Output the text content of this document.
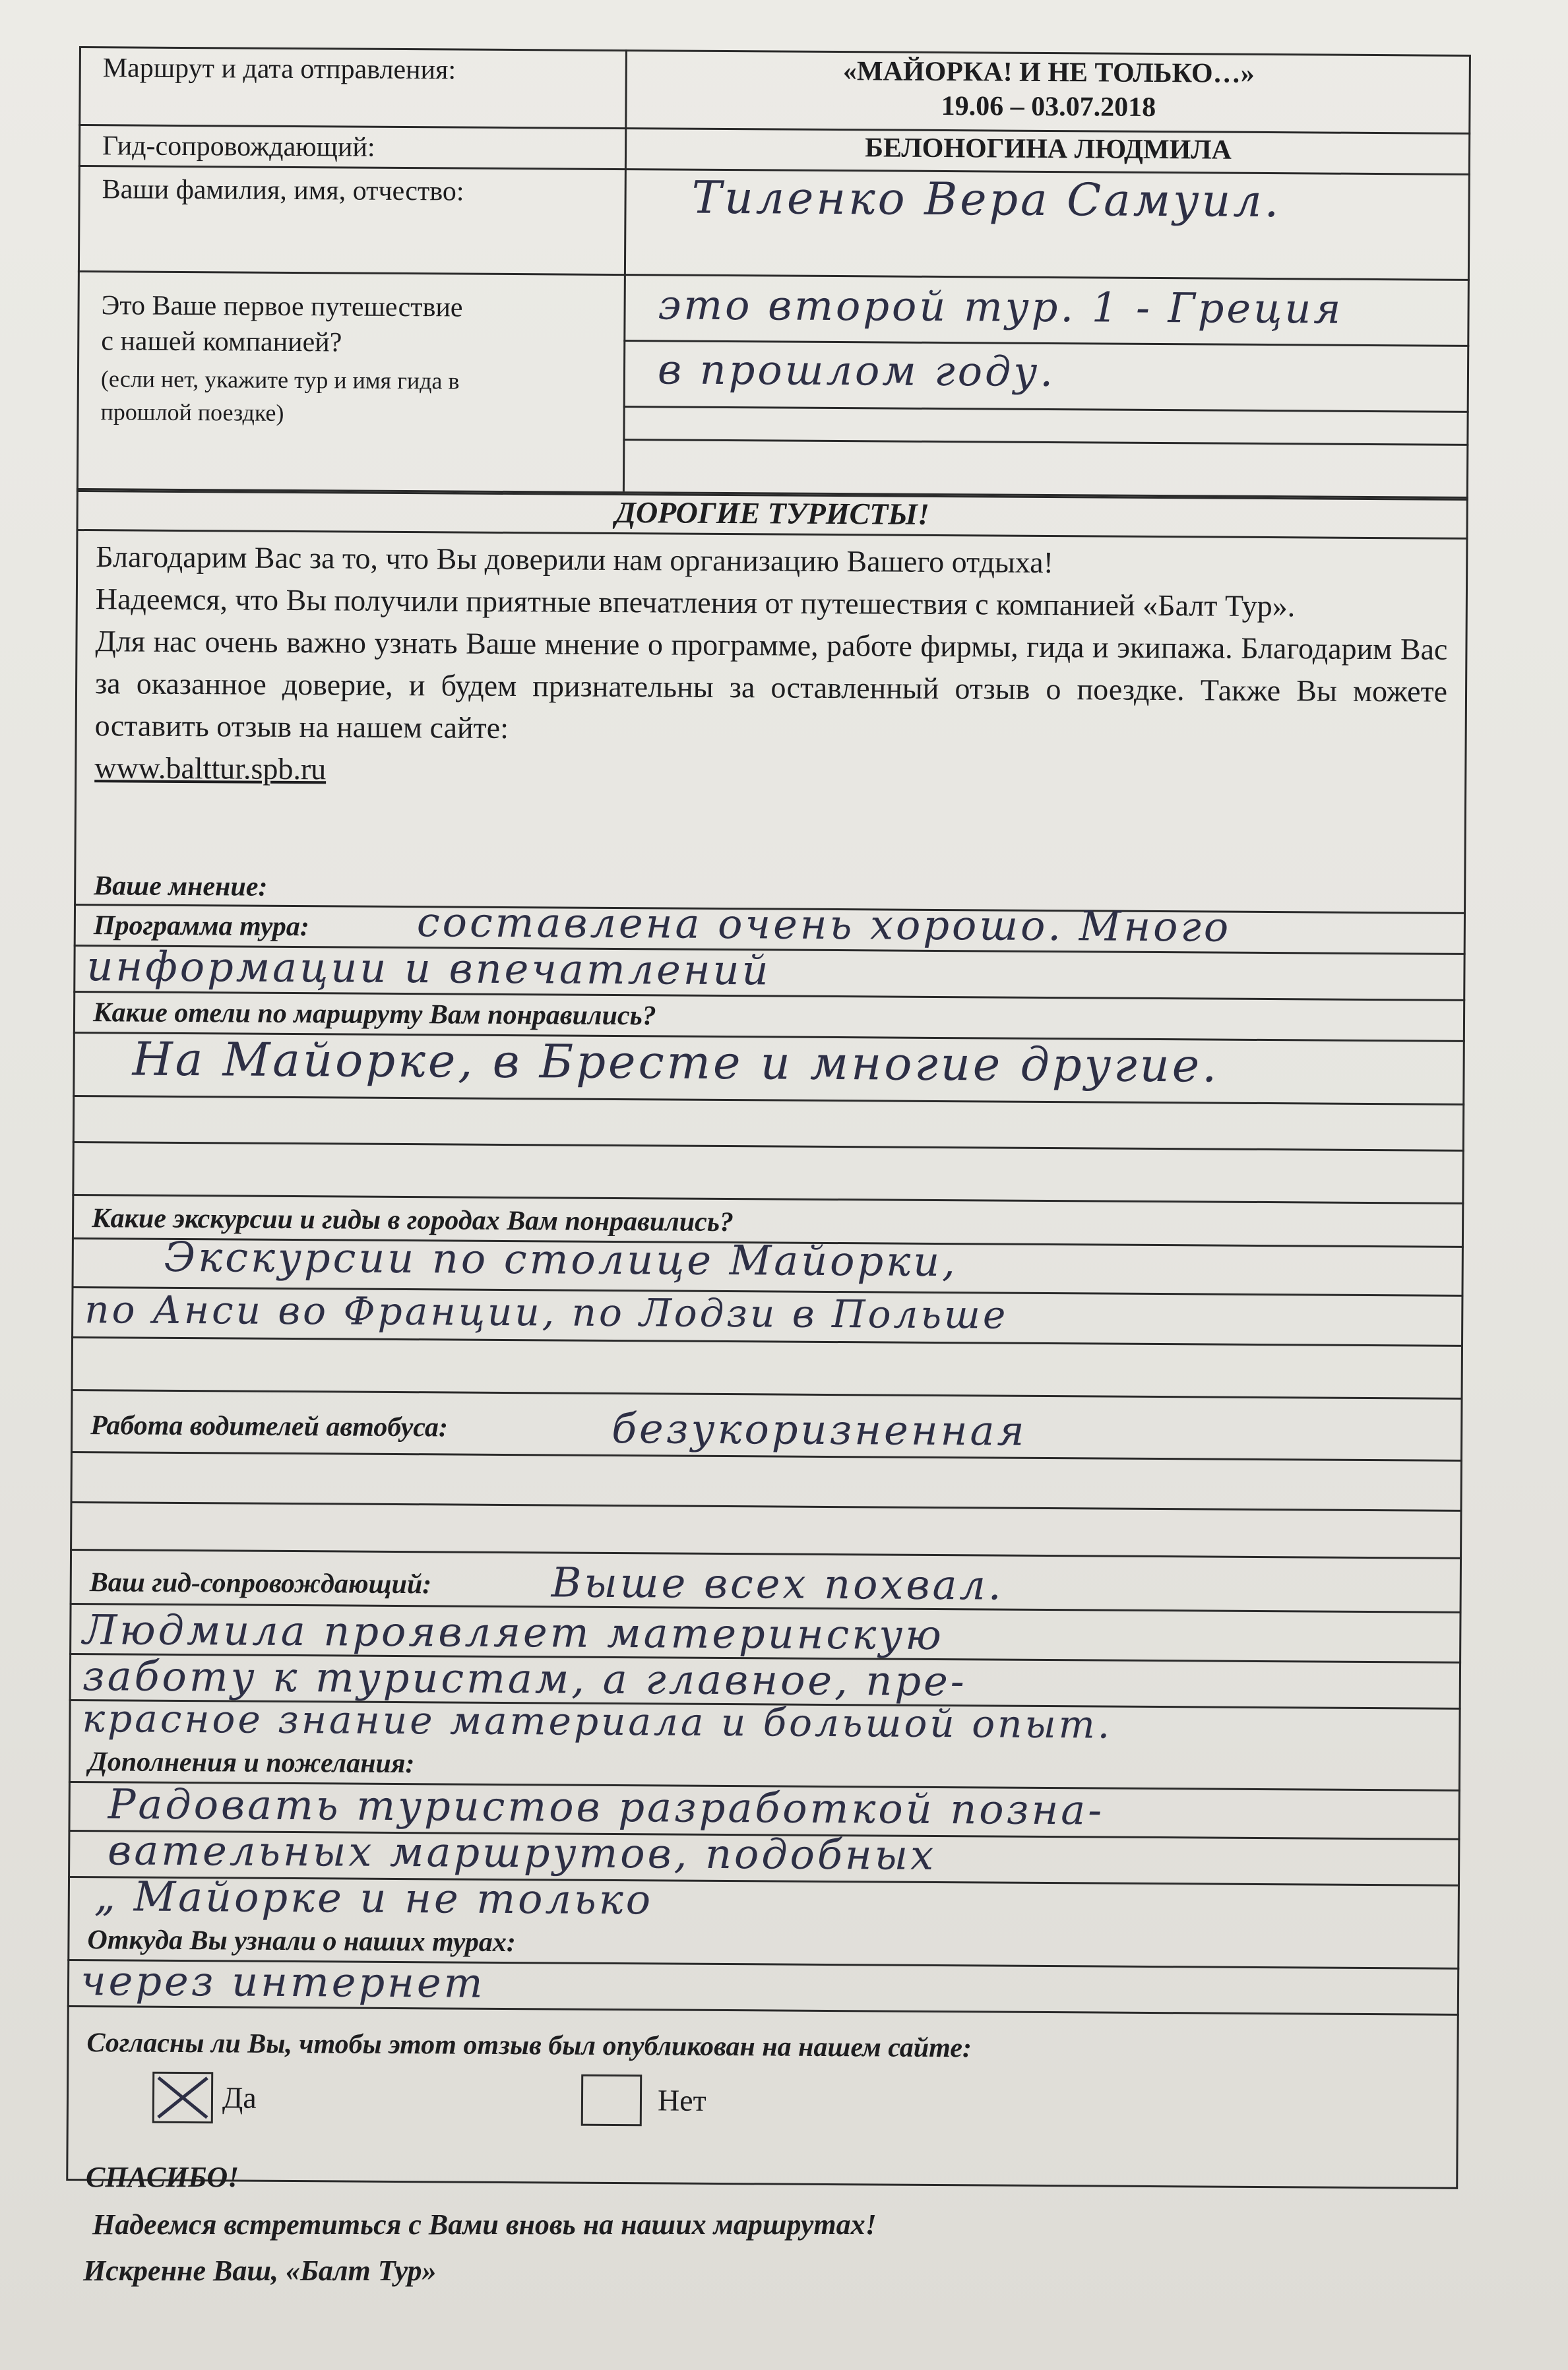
Маршрут и дата отправления:	«МАЙОРКА! И НЕ ТОЛЬКО…»
19.06 – 03.07.2018
Гид-сопровождающий:	БЕЛОНОГИНА ЛЮДМИЛА
Ваши фамилия, имя, отчество:	Тиленко Вера Самуил.
Это Ваше первое путешествие
с нашей компанией?
(если нет, укажите тур и имя гида в
прошлой поездке)
это второй тур. 1 - Греция
в прошлом году.
ДОРОГИЕ ТУРИСТЫ!
Благодарим Вас за то, что Вы доверили нам организацию Вашего отдыха!
Надеемся, что Вы получили приятные впечатления от путешествия с компанией «Балт Тур».
Для нас очень важно узнать Ваше мнение о программе, работе фирмы, гида и экипажа. Благодарим Вас за оказанное доверие, и будем признательны за оставленный отзыв о поездке. Также Вы можете оставить отзыв на нашем сайте:
www.balttur.spb.ru
Ваше мнение:
Программа тура:	составлена очень хорошо. Много
информации и впечатлений
Какие отели по маршруту Вам понравились?
На Майорке, в Бресте и многие другие.
Какие экскурсии и гиды в городах Вам понравились?
Экскурсии по столице Майорки,
по Анси во Франции, по Лодзи в Польше
Работа водителей автобуса:	безукоризненная
Ваш гид-сопровождающий:	Выше всех похвал.
Людмила проявляет материнскую
заботу к туристам, а главное, пре-
красное знание материала и большой опыт.
Дополнения и пожелания:
Радовать туристов разработкой позна-
вательных маршрутов, подобных
„ Майорке и не только
Откуда Вы узнали о наших турах:
через интернет
Согласны ли Вы, чтобы этот отзыв был опубликован на нашем сайте:
Да	Нет
СПАСИБО!
Надеемся встретиться с Вами вновь на наших маршрутах!
Искренне Ваш, «Балт Тур»
